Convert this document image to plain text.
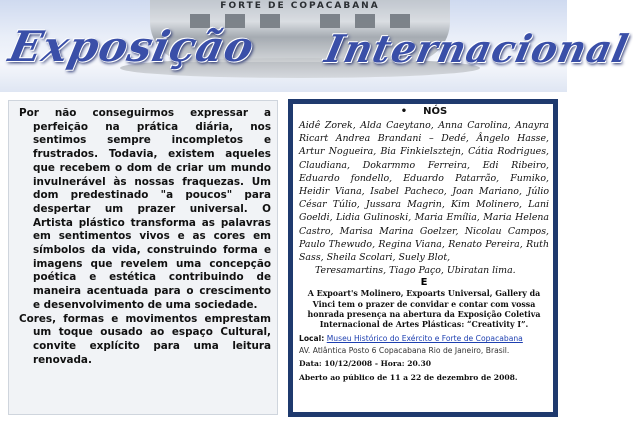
FORTE DE COPACABANA
Exposição Internacional

Por não conseguirmos expressar a perfeição na prática diária, nos sentimos sempre incompletos e frustrados. Todavia, existem aqueles que recebem o dom de criar um mundo invulnerável às nossas fraquezas. Um dom predestinado "a poucos" para despertar um prazer universal. O Artista plástico transforma as palavras em sentimentos vivos e as cores em símbolos da vida, construindo forma e imagens que revelem uma concepção poética e estética contribuindo de maneira acentuada para o crescimento e desenvolvimento de uma sociedade.

Cores, formas e movimentos emprestam um toque ousado ao espaço Cultural, convite explícito para uma leitura renovada.

• NÓS

Aidê Zorek, Alda Caeytano, Anna Carolina, Anayra Ricart Andrea Brandani – Dedé, Ângelo Hasse, Artur Nogueira, Bia Finkielsztejn, Cátia Rodrigues, Claudiana, Dokarmmo Ferreira, Edi Ribeiro, Eduardo fondello, Eduardo Patarrão, Fumiko, Heidir Viana, Isabel Pacheco, Joan Mariano, Júlio César Túlio, Jussara Magrin, Kim Molinero, Lani Goeldi, Lidia Gulinoski, Maria Emília, Maria Helena Castro, Marisa Marina Goelzer, Nicolau Campos, Paulo Thewudo, Regina Viana, Renato Pereira, Ruth Sass, Sheila Scolari, Suely Blot,
Teresamartins, Tiago Paço, Ubiratan lima.

E

A Expoart's Molinero, Expoarts Universal, Gallery da Vinci tem o prazer de convidar e contar com vossa honrada presença na abertura da Exposição Coletiva Internacional de Artes Plásticas: “Creativity I”.

Local: Museu Histórico do Exército e Forte de Copacabana

AV. Atlântica Posto 6 Copacabana Rio de Janeiro, Brasil.

Data: 10/12/2008 - Hora: 20.30

Aberto ao público de 11 a 22 de dezembro de 2008.
